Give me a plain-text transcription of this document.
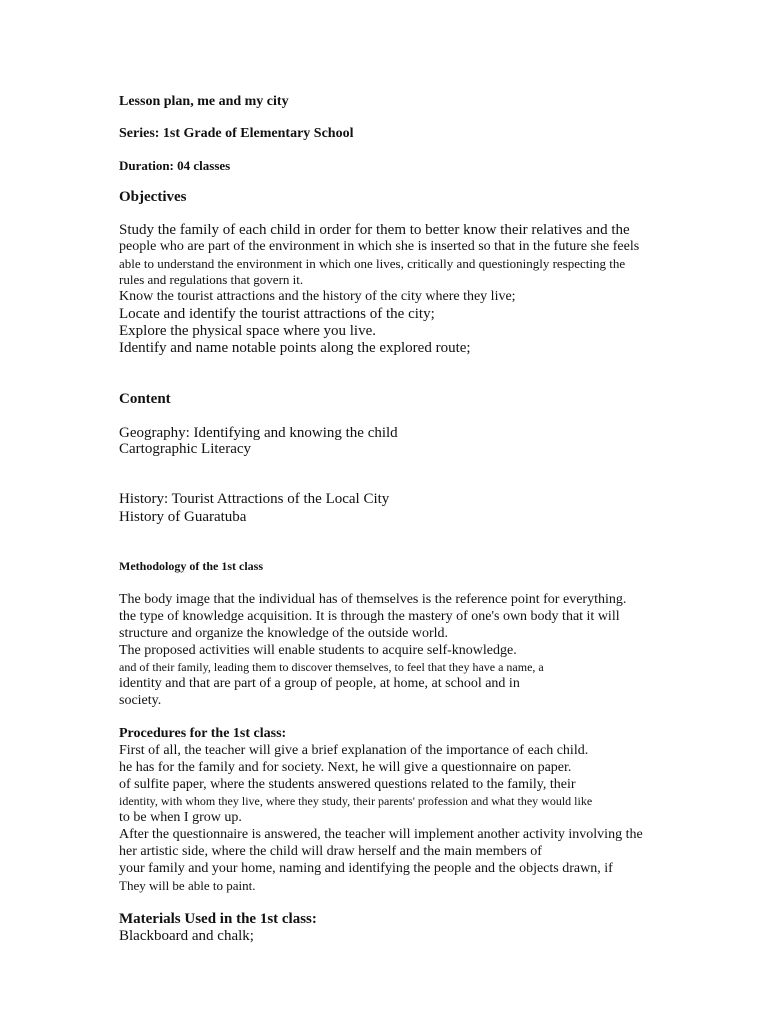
Lesson plan, me and my city
Series: 1st Grade of Elementary School
Duration: 04 classes
Objectives
Study the family of each child in order for them to better know their relatives and the
people who are part of the environment in which she is inserted so that in the future she feels
able to understand the environment in which one lives, critically and questioningly respecting the
rules and regulations that govern it.
Know the tourist attractions and the history of the city where they live;
Locate and identify the tourist attractions of the city;
Explore the physical space where you live.
Identify and name notable points along the explored route;
Content
Geography: Identifying and knowing the child
Cartographic Literacy
History: Tourist Attractions of the Local City
History of Guaratuba
Methodology of the 1st class
The body image that the individual has of themselves is the reference point for everything.
the type of knowledge acquisition. It is through the mastery of one's own body that it will
structure and organize the knowledge of the outside world.
The proposed activities will enable students to acquire self-knowledge.
and of their family, leading them to discover themselves, to feel that they have a name, a
identity and that are part of a group of people, at home, at school and in
society.
Procedures for the 1st class:
First of all, the teacher will give a brief explanation of the importance of each child.
he has for the family and for society. Next, he will give a questionnaire on paper.
of sulfite paper, where the students answered questions related to the family, their
identity, with whom they live, where they study, their parents' profession and what they would like
to be when I grow up.
After the questionnaire is answered, the teacher will implement another activity involving the
her artistic side, where the child will draw herself and the main members of
your family and your home, naming and identifying the people and the objects drawn, if
They will be able to paint.
Materials Used in the 1st class:
Blackboard and chalk;
